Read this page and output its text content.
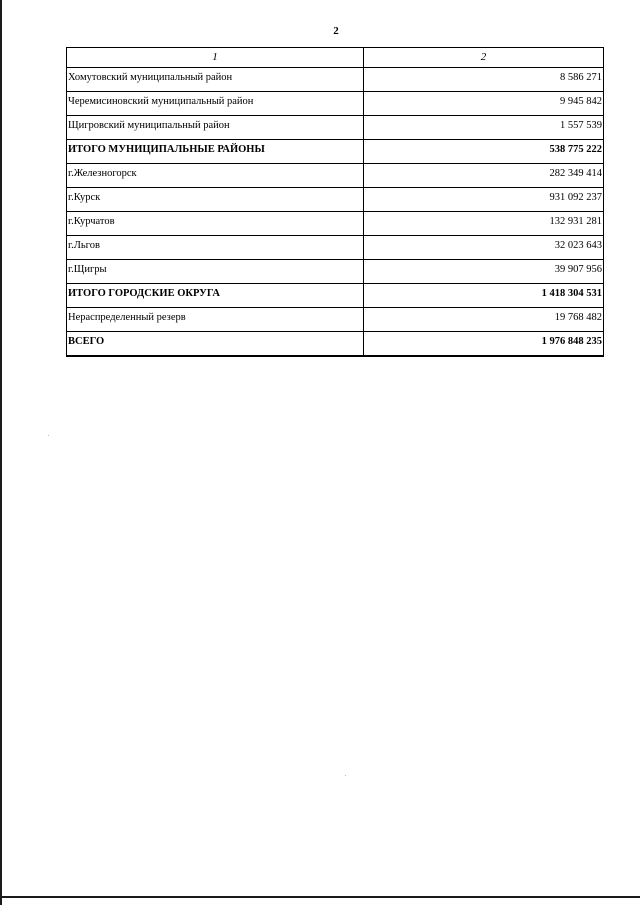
2
1	2
Хомутовский муниципальный район	8 586 271
Черемисиновский муниципальный район	9 945 842
Щигровский муниципальный район	1 557 539
ИТОГО МУНИЦИПАЛЬНЫЕ РАЙОНЫ	538 775 222
г.Железногорск	282 349 414
г.Курск	931 092 237
г.Курчатов	132 931 281
г.Льгов	32 023 643
г.Щигры	39 907 956
ИТОГО ГОРОДСКИЕ ОКРУГА	1 418 304 531
Нераспределенный резерв	19 768 482
ВСЕГО	1 976 848 235
